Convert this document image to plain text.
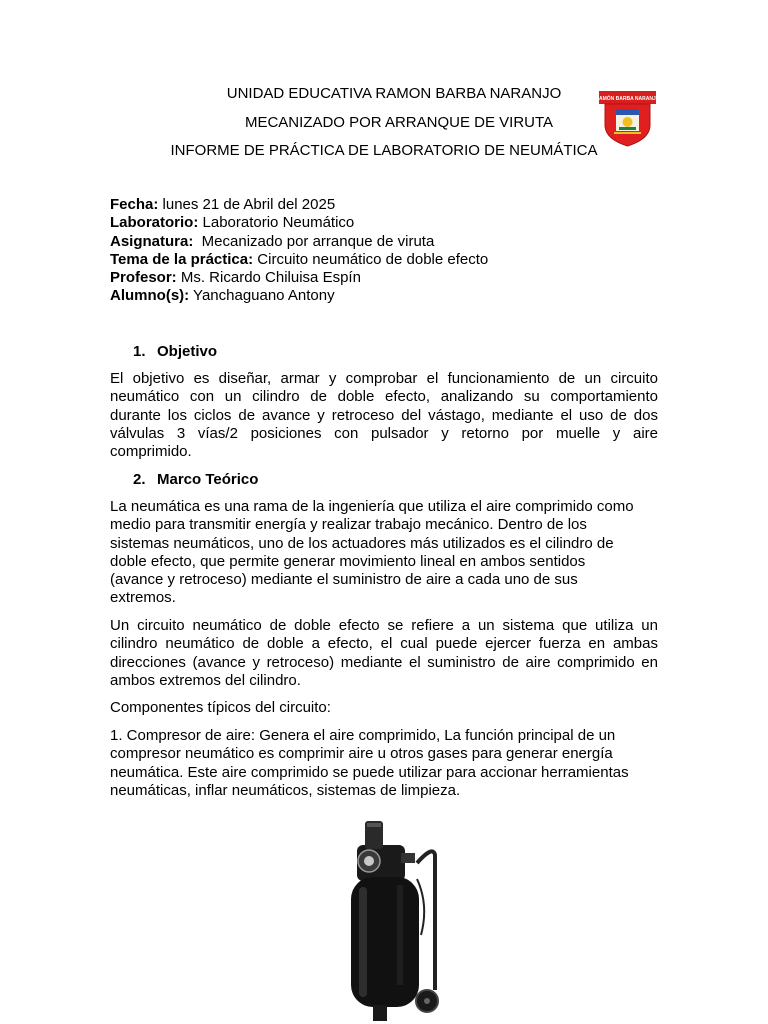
UNIDAD EDUCATIVA RAMON BARBA NARANJO
MECANIZADO POR ARRANQUE DE VIRUTA
INFORME DE PRÁCTICA DE LABORATORIO DE NEUMÁTICA
RAMÓN BARBA NARANJO
Fecha: lunes 21 de Abril del 2025
Laboratorio: Laboratorio Neumático
Asignatura:  Mecanizado por arranque de viruta
Tema de la práctica: Circuito neumático de doble efecto
Profesor: Ms. Ricardo Chiluisa Espín
Alumno(s): Yanchaguano Antony
1. Objetivo
El objetivo es diseñar, armar y comprobar el funcionamiento de un circuito
neumático con un cilindro de doble efecto, analizando su comportamiento
durante los ciclos de avance y retroceso del vástago, mediante el uso de dos
válvulas 3 vías/2 posiciones con pulsador y retorno por muelle y aire
comprimido.
2. Marco Teórico
La neumática es una rama de la ingeniería que utiliza el aire comprimido como
medio para transmitir energía y realizar trabajo mecánico. Dentro de los
sistemas neumáticos, uno de los actuadores más utilizados es el cilindro de
doble efecto, que permite generar movimiento lineal en ambos sentidos
(avance y retroceso) mediante el suministro de aire a cada uno de sus
extremos.
Un circuito neumático de doble efecto se refiere a un sistema que utiliza un
cilindro neumático de doble a efecto, el cual puede ejercer fuerza en ambas
direcciones (avance y retroceso) mediante el suministro de aire comprimido en
ambos extremos del cilindro.
Componentes típicos del circuito:
1. Compresor de aire: Genera el aire comprimido, La función principal de un
compresor neumático es comprimir aire u otros gases para generar energía
neumática. Este aire comprimido se puede utilizar para accionar herramientas
neumáticas, inflar neumáticos, sistemas de limpieza.
